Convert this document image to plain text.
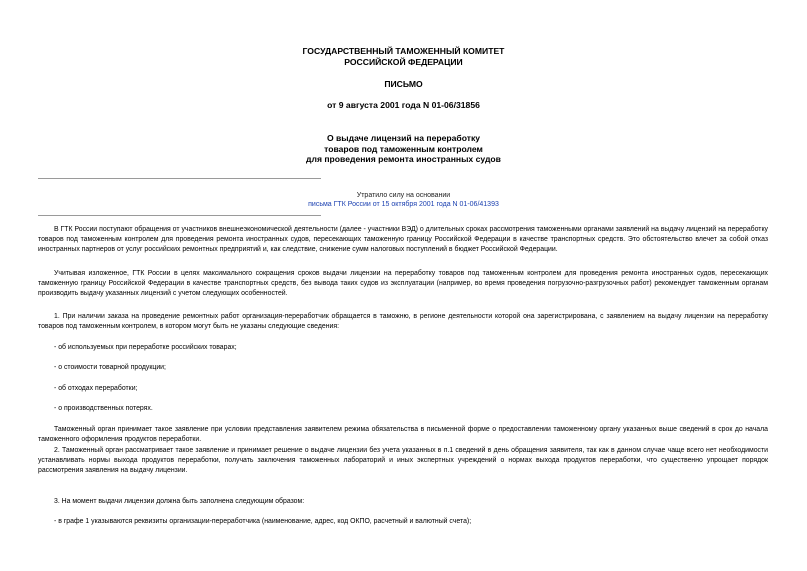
ГОСУДАРСТВЕННЫЙ ТАМОЖЕННЫЙ КОМИТЕТ
РОССИЙСКОЙ ФЕДЕРАЦИИ
ПИСЬМО
от 9 августа 2001 года N 01-06/31856
О выдаче лицензий на переработку
товаров под таможенным контролем
для проведения ремонта иностранных судов
Утратило силу на основании
письма ГТК России от 15 октября 2001 года N 01-06/41393
В ГТК России поступают обращения от участников внешнеэкономической деятельности (далее - участники ВЭД) о длительных сроках рассмотрения таможенными органами заявлений на выдачу лицензий на переработку товаров под таможенным контролем для проведения ремонта иностранных судов, пересекающих таможенную границу Российской Федерации в качестве транспортных средств. Это обстоятельство влечет за собой отказ иностранных партнеров от услуг российских ремонтных предприятий и, как следствие, снижение сумм налоговых поступлений в бюджет Российской Федерации.
Учитывая изложенное, ГТК России в целях максимального сокращения сроков выдачи лицензии на переработку товаров под таможенным контролем для проведения ремонта иностранных судов, пересекающих таможенную границу Российской Федерации в качестве транспортных средств, без вывода таких судов из эксплуатации (например, во время проведения погрузочно-разгрузочных работ) рекомендует таможенным органам производить выдачу указанных лицензий с учетом следующих особенностей.
1. При наличии заказа на проведение ремонтных работ организация-переработчик обращается в таможню, в регионе деятельности которой она зарегистрирована, с заявлением на выдачу лицензии на переработку товаров под таможенным контролем, в котором могут быть не указаны следующие сведения:
- об используемых при переработке российских товарах;
- о стоимости товарной продукции;
- об отходах переработки;
- о производственных потерях.
Таможенный орган принимает такое заявление при условии представления заявителем режима обязательства в письменной форме о предоставлении таможенному органу указанных выше сведений в срок до начала таможенного оформления продуктов переработки.
2. Таможенный орган рассматривает такое заявление и принимает решение о выдаче лицензии без учета указанных в п.1 сведений в день обращения заявителя, так как в данном случае чаще всего нет необходимости устанавливать нормы выхода продуктов переработки, получать заключения таможенных лабораторий и иных экспертных учреждений о нормах выхода продуктов переработки, что существенно упрощает порядок рассмотрения заявления на выдачу лицензии.
3. На момент выдачи лицензии должна быть заполнена следующим образом:
- в графе 1 указываются реквизиты организации-переработчика (наименование, адрес, код ОКПО, расчетный и валютный счета);
